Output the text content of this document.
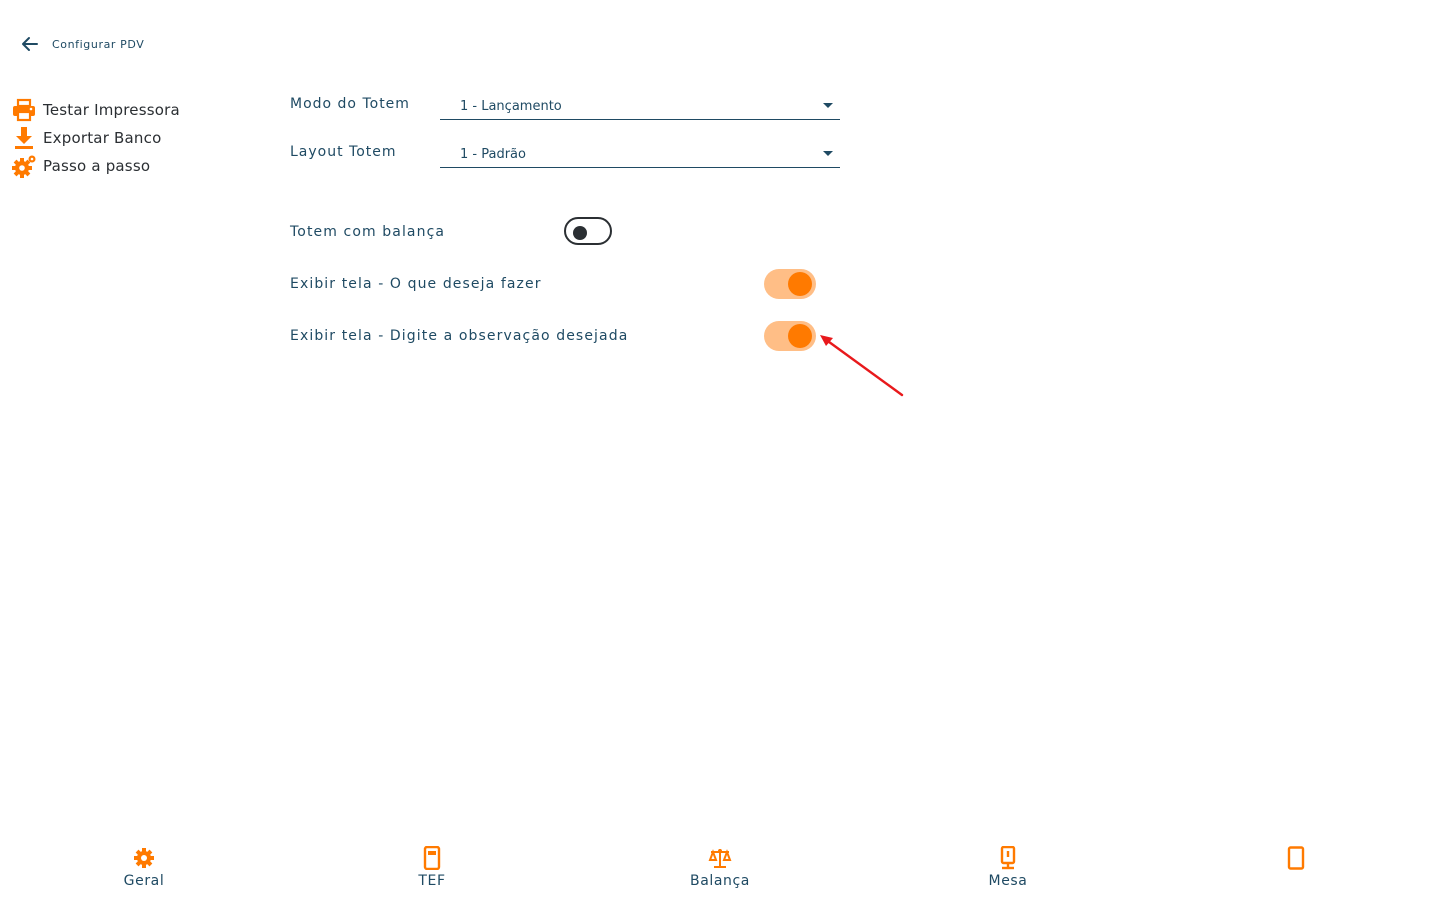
Configurar PDV
Testar Impressora
Exportar Banco
Passo a passo
Modo do Totem	1 - Lançamento
Layout Totem	1 - Padrão
Totem com balança
Exibir tela - O que deseja fazer
Exibir tela - Digite a observação desejada
Geral	TEF	Balança	Mesa
